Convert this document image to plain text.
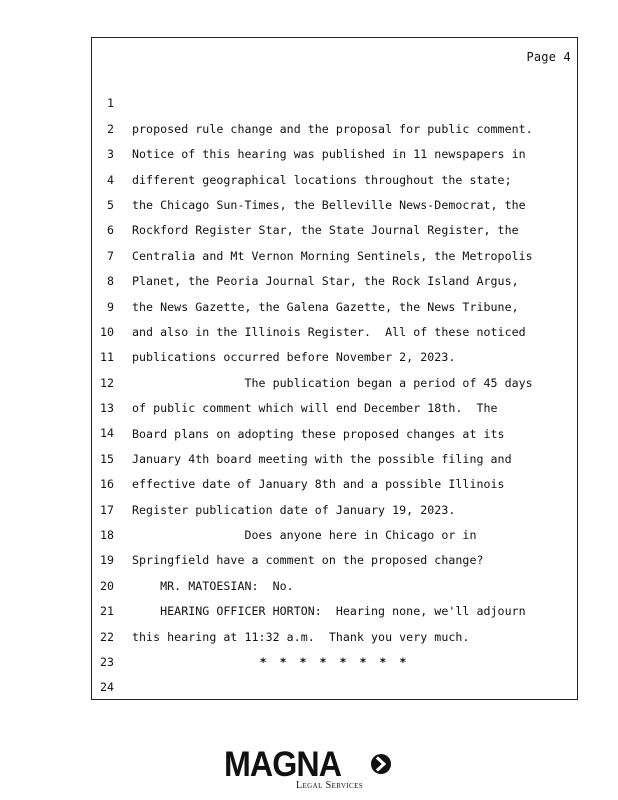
Page 4

1

proposed rule change and the proposal for public comment.

2

Notice of this hearing was published in 11 newspapers in

3

different geographical locations throughout the state;

4

the Chicago Sun-Times, the Belleville News-Democrat, the

5

Rockford Register Star, the State Journal Register, the

6

Centralia and Mt Vernon Morning Sentinels, the Metropolis

7

Planet, the Peoria Journal Star, the Rock Island Argus,

8

the News Gazette, the Galena Gazette, the News Tribune,

9

and also in the Illinois Register.  All of these noticed

10

publications occurred before November 2, 2023.

11

The publication began a period of 45 days

12

of public comment which will end December 18th.  The

13

Board plans on adopting these proposed changes at its

14

January 4th board meeting with the possible filing and

15

effective date of January 8th and a possible Illinois

16

Register publication date of January 19, 2023.

17

Does anyone here in Chicago or in

18

Springfield have a comment on the proposed change?

19

MR. MATOESIAN:  No.

20

HEARING OFFICER HORTON:  Hearing none, we'll adjourn

21

this hearing at 11:32 a.m.  Thank you very much.

22

* * * * * * * *

23

24

MAGNA
Legal Services
